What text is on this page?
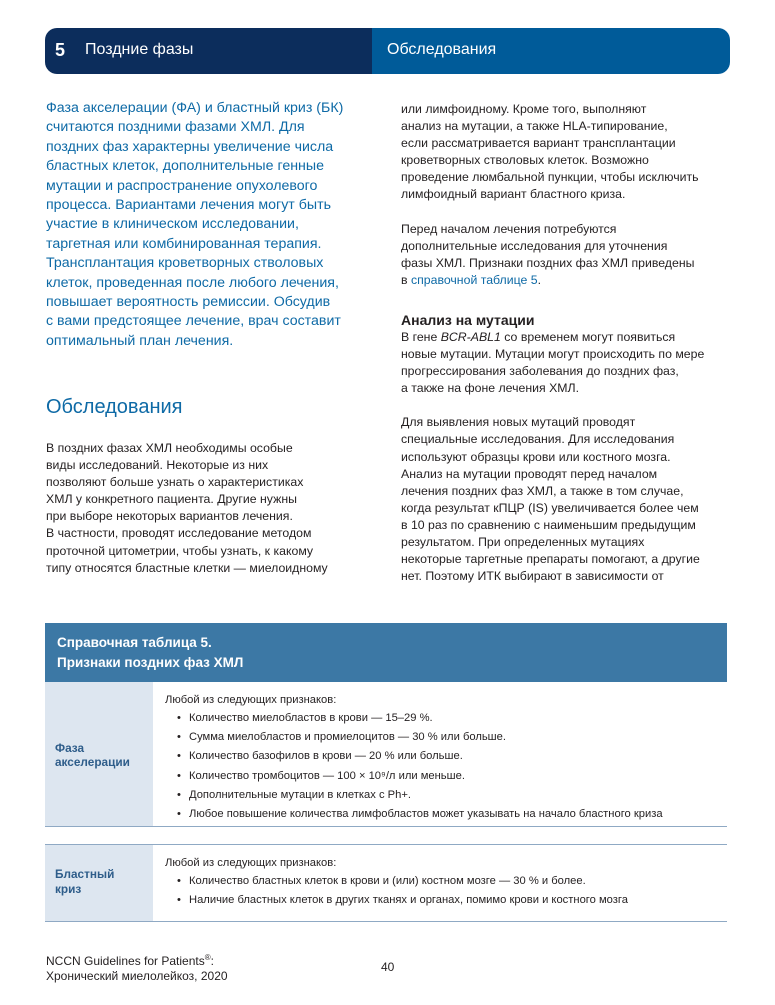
5 Поздние фазы	Обследования

Фаза акселерации (ФА) и бластный криз (БК)
считаются поздними фазами ХМЛ. Для
поздних фаз характерны увеличение числа
бластных клеток, дополнительные генные
мутации и распространение опухолевого
процесса. Вариантами лечения могут быть
участие в клиническом исследовании,
таргетная или комбинированная терапия.
Трансплантация кроветворных стволовых
клеток, проведенная после любого лечения,
повышает вероятность ремиссии. Обсудив
с вами предстоящее лечение, врач составит
оптимальный план лечения.

Обследования

В поздних фазах ХМЛ необходимы особые
виды исследований. Некоторые из них
позволяют больше узнать о характеристиках
ХМЛ у конкретного пациента. Другие нужны
при выборе некоторых вариантов лечения.
В частности, проводят исследование методом
проточной цитометрии, чтобы узнать, к какому
типу относятся бластные клетки — миелоидному

или лимфоидному. Кроме того, выполняют
анализ на мутации, а также HLA-типирование,
если рассматривается вариант трансплантации
кроветворных стволовых клеток. Возможно
проведение люмбальной пункции, чтобы исключить
лимфоидный вариант бластного криза.

Перед началом лечения потребуются
дополнительные исследования для уточнения
фазы ХМЛ. Признаки поздних фаз ХМЛ приведены
в справочной таблице 5.

Анализ на мутации

В гене BCR-ABL1 со временем могут появиться
новые мутации. Мутации могут происходить по мере
прогрессирования заболевания до поздних фаз,
а также на фоне лечения ХМЛ.

Для выявления новых мутаций проводят
специальные исследования. Для исследования
используют образцы крови или костного мозга.
Анализ на мутации проводят перед началом
лечения поздних фаз ХМЛ, а также в том случае,
когда результат кПЦР (IS) увеличивается более чем
в 10 раз по сравнению с наименьшим предыдущим
результатом. При определенных мутациях
некоторые таргетные препараты помогают, а другие
нет. Поэтому ИТК выбирают в зависимости от

Справочная таблица 5.
Признаки поздних фаз ХМЛ
Фаза
акселерации

Любой из следующих признаков:

• Количество миелобластов в крови — 15–29 %.
• Сумма миелобластов и промиелоцитов — 30 % или больше.
• Количество базофилов в крови — 20 % или больше.
• Количество тромбоцитов — 100 × 10⁹/л или меньше.
• Дополнительные мутации в клетках с Ph+.
• Любое повышение количества лимфобластов может указывать на начало бластного криза
Бластный
криз

Любой из следующих признаков:

• Количество бластных клеток в крови и (или) костном мозге — 30 % и более.
• Наличие бластных клеток в других тканях и органах, помимо крови и костного мозга
NCCN Guidelines for Patients®:
Хронический миелолейкоз, 2020
40
